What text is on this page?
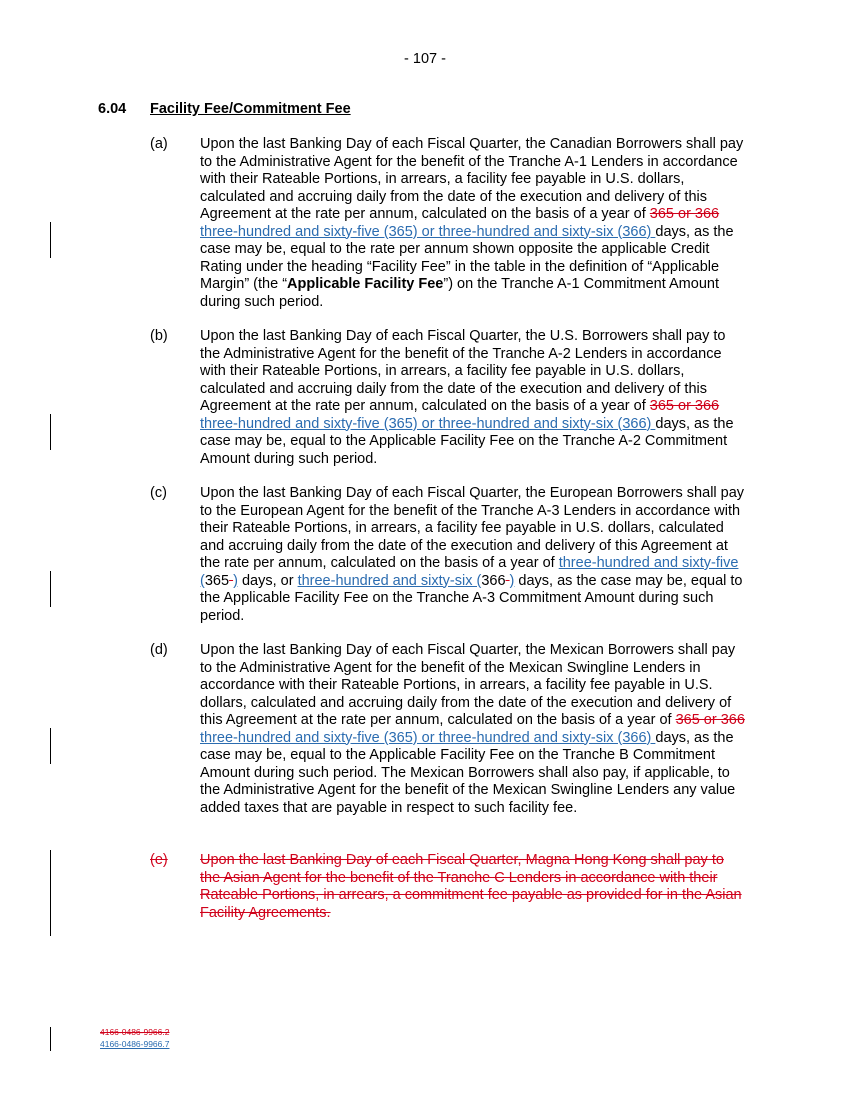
- 107 -
6.04 Facility Fee/Commitment Fee
(a) Upon the last Banking Day of each Fiscal Quarter, the Canadian Borrowers shall pay to the Administrative Agent for the benefit of the Tranche A-1 Lenders in accordance with their Rateable Portions, in arrears, a facility fee payable in U.S. dollars, calculated and accruing daily from the date of the execution and delivery of this Agreement at the rate per annum, calculated on the basis of a year of 365 or 366 three-hundred and sixty-five (365) or three-hundred and sixty-six (366) days, as the case may be, equal to the rate per annum shown opposite the applicable Credit Rating under the heading “Facility Fee” in the table in the definition of “Applicable Margin” (the “Applicable Facility Fee”) on the Tranche A-1 Commitment Amount during such period.
(b) Upon the last Banking Day of each Fiscal Quarter, the U.S. Borrowers shall pay to the Administrative Agent for the benefit of the Tranche A-2 Lenders in accordance with their Rateable Portions, in arrears, a facility fee payable in U.S. dollars, calculated and accruing daily from the date of the execution and delivery of this Agreement at the rate per annum, calculated on the basis of a year of 365 or 366 three-hundred and sixty-five (365) or three-hundred and sixty-six (366) days, as the case may be, equal to the Applicable Facility Fee on the Tranche A-2 Commitment Amount during such period.
(c) Upon the last Banking Day of each Fiscal Quarter, the European Borrowers shall pay to the European Agent for the benefit of the Tranche A-3 Lenders in accordance with their Rateable Portions, in arrears, a facility fee payable in U.S. dollars, calculated and accruing daily from the date of the execution and delivery of this Agreement at the rate per annum, calculated on the basis of a year of three-hundred and sixty-five (365 ) days, or three-hundred and sixty-six (366 ) days, as the case may be, equal to the Applicable Facility Fee on the Tranche A-3 Commitment Amount during such period.
(d) Upon the last Banking Day of each Fiscal Quarter, the Mexican Borrowers shall pay to the Administrative Agent for the benefit of the Mexican Swingline Lenders in accordance with their Rateable Portions, in arrears, a facility fee payable in U.S. dollars, calculated and accruing daily from the date of the execution and delivery of this Agreement at the rate per annum, calculated on the basis of a year of 365 or 366 three-hundred and sixty-five (365) or three-hundred and sixty-six (366) days, as the case may be, equal to the Applicable Facility Fee on the Tranche B Commitment Amount during such period. The Mexican Borrowers shall also pay, if applicable, to the Administrative Agent for the benefit of the Mexican Swingline Lenders any value added taxes that are payable in respect to such facility fee.
(e) Upon the last Banking Day of each Fiscal Quarter, Magna Hong Kong shall pay to the Asian Agent for the benefit of the Tranche C Lenders in accordance with their Rateable Portions, in arrears, a commitment fee payable as provided for in the Asian Facility Agreements.
4166-0486-9966.2
4166-0486-9966.7
